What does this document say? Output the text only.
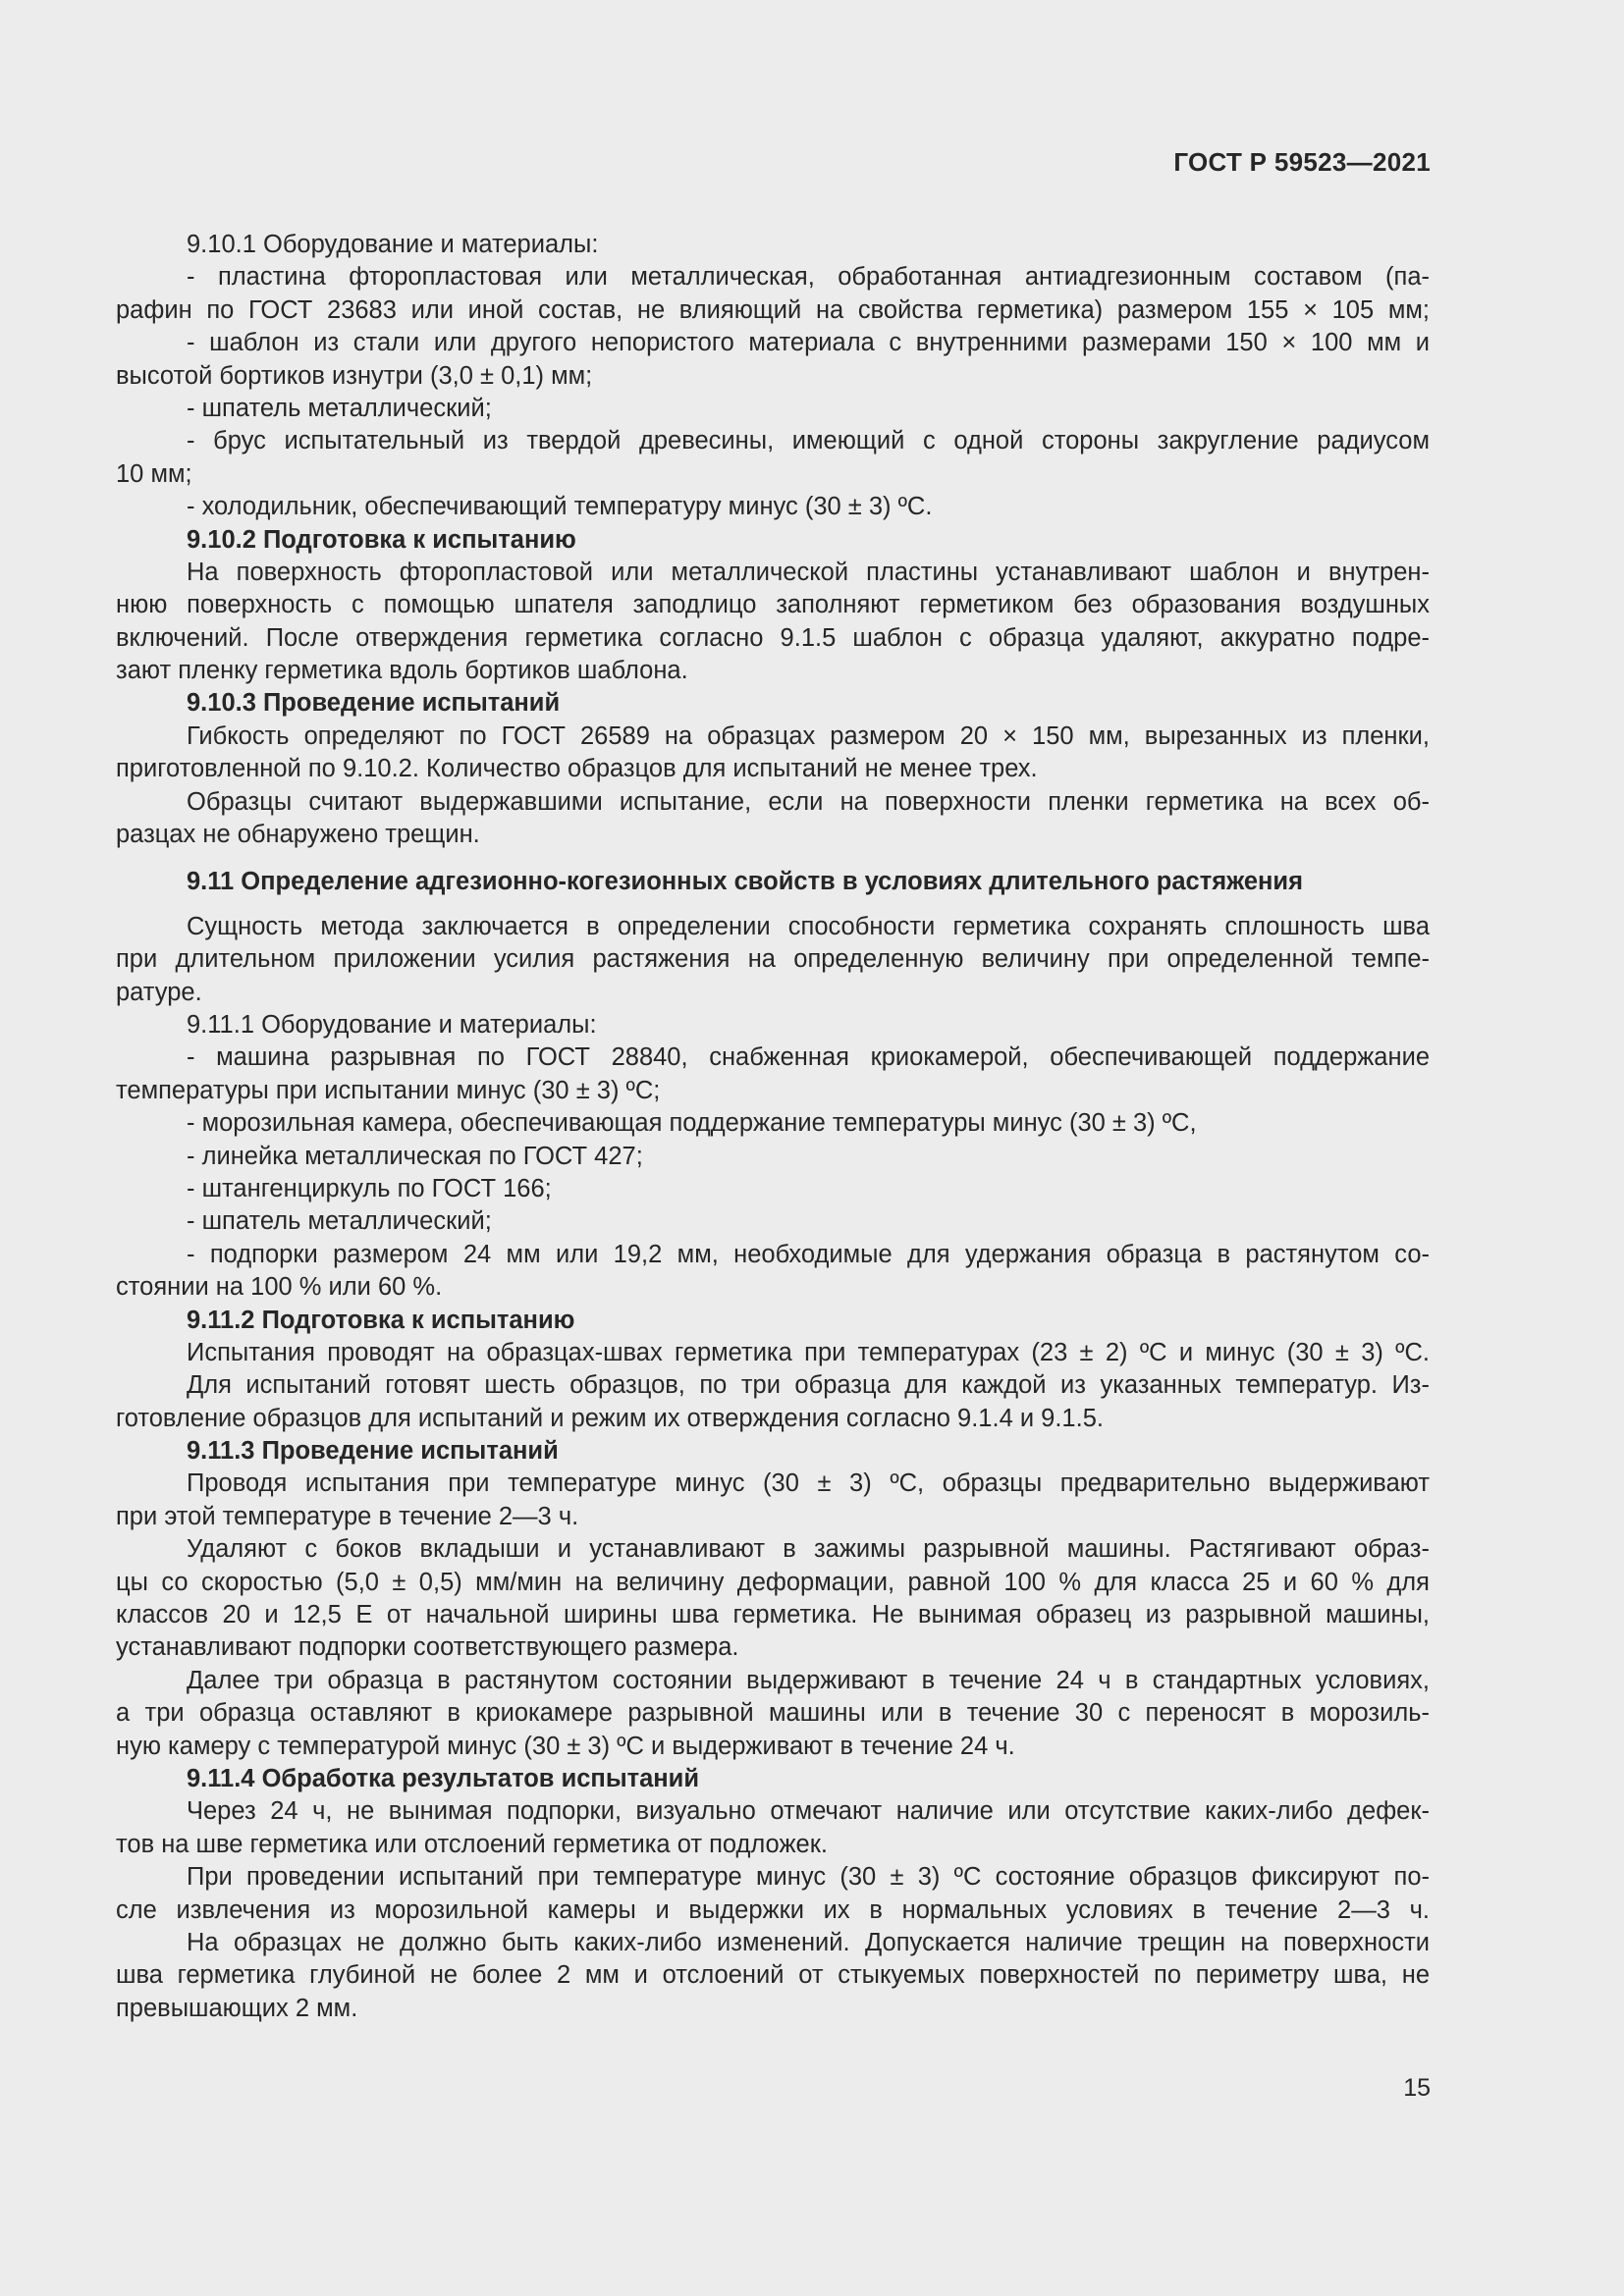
ГОСТ Р 59523—2021
9.10.1 Оборудование и материалы:
- пластина фторопластовая или металлическая, обработанная антиадгезионным составом (па-
рафин по ГОСТ 23683 или иной состав, не влияющий на свойства герметика) размером 155 × 105 мм;
- шаблон из стали или другого непористого материала с внутренними размерами 150 × 100 мм и
высотой бортиков изнутри (3,0 ± 0,1) мм;
- шпатель металлический;
- брус испытательный из твердой древесины, имеющий с одной стороны закругление радиусом
10 мм;
- холодильник, обеспечивающий температуру минус (30 ± 3) ºС.
9.10.2 Подготовка к испытанию
На поверхность фторопластовой или металлической пластины устанавливают шаблон и внутрен-
нюю поверхность с помощью шпателя заподлицо заполняют герметиком без образования воздушных
включений. После отверждения герметика согласно 9.1.5 шаблон с образца удаляют, аккуратно подре-
зают пленку герметика вдоль бортиков шаблона.
9.10.3 Проведение испытаний
Гибкость определяют по ГОСТ 26589 на образцах размером 20 × 150 мм, вырезанных из пленки,
приготовленной по 9.10.2. Количество образцов для испытаний не менее трех.
Образцы считают выдержавшими испытание, если на поверхности пленки герметика на всех об-
разцах не обнаружено трещин.
9.11 Определение адгезионно-когезионных свойств в условиях длительного растяжения
Сущность метода заключается в определении способности герметика сохранять сплошность шва
при длительном приложении усилия растяжения на определенную величину при определенной темпе-
ратуре.
9.11.1 Оборудование и материалы:
- машина разрывная по ГОСТ 28840, снабженная криокамерой, обеспечивающей поддержание
температуры при испытании минус (30 ± 3) ºС;
- морозильная камера, обеспечивающая поддержание температуры минус (30 ± 3) ºС,
- линейка металлическая по ГОСТ 427;
- штангенциркуль по ГОСТ 166;
- шпатель металлический;
- подпорки размером 24 мм или 19,2 мм, необходимые для удержания образца в растянутом со-
стоянии на 100 % или 60 %.
9.11.2 Подготовка к испытанию
Испытания проводят на образцах-швах герметика при температурах (23 ± 2) ºС и минус (30 ± 3) ºС.
Для испытаний готовят шесть образцов, по три образца для каждой из указанных температур. Из-
готовление образцов для испытаний и режим их отверждения согласно 9.1.4 и 9.1.5.
9.11.3 Проведение испытаний
Проводя испытания при температуре минус (30 ± 3) ºС, образцы предварительно выдерживают
при этой температуре в течение 2—3 ч.
Удаляют с боков вкладыши и устанавливают в зажимы разрывной машины. Растягивают образ-
цы со скоростью (5,0 ± 0,5) мм/мин на величину деформации, равной 100 % для класса 25 и 60 % для
классов 20 и 12,5 Е от начальной ширины шва герметика. Не вынимая образец из разрывной машины,
устанавливают подпорки соответствующего размера.
Далее три образца в растянутом состоянии выдерживают в течение 24 ч в стандартных условиях,
а три образца оставляют в криокамере разрывной машины или в течение 30 с переносят в морозиль-
ную камеру с температурой минус (30 ± 3) ºС и выдерживают в течение 24 ч.
9.11.4 Обработка результатов испытаний
Через 24 ч, не вынимая подпорки, визуально отмечают наличие или отсутствие каких-либо дефек-
тов на шве герметика или отслоений герметика от подложек.
При проведении испытаний при температуре минус (30 ± 3) ºС состояние образцов фиксируют по-
сле извлечения из морозильной камеры и выдержки их в нормальных условиях в течение 2—3 ч.
На образцах не должно быть каких-либо изменений. Допускается наличие трещин на поверхности
шва герметика глубиной не более 2 мм и отслоений от стыкуемых поверхностей по периметру шва, не
превышающих 2 мм.
15
